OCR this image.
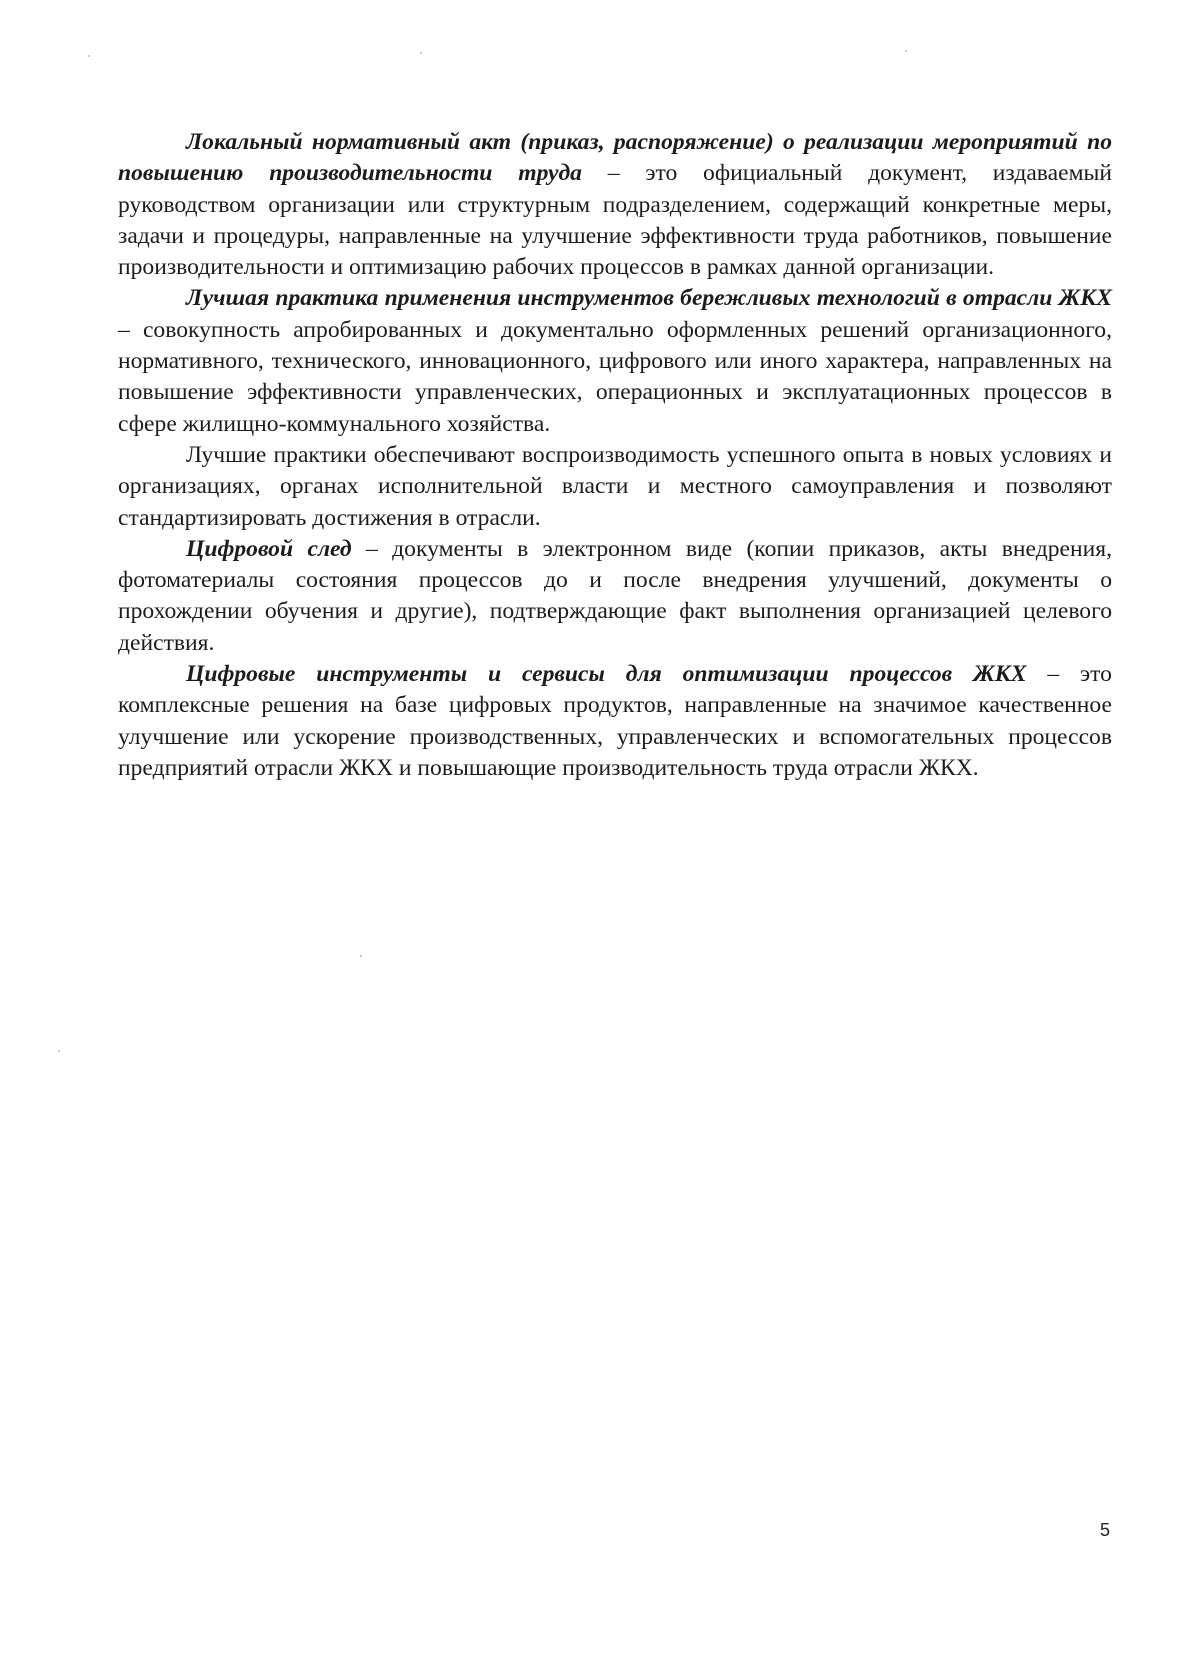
Локальный нормативный акт (приказ, распоряжение) о реализации мероприятий по повышению производительности труда – это официальный документ, издаваемый руководством организации или структурным подразделением, содержащий конкретные меры, задачи и процедуры, направленные на улучшение эффективности труда работников, повышение производительности и оптимизацию рабочих процессов в рамках данной организации.

Лучшая практика применения инструментов бережливых технологий в отрасли ЖКХ – совокупность апробированных и документально оформленных решений организационного, нормативного, технического, инновационного, цифрового или иного характера, направленных на повышение эффективности управленческих, операционных и эксплуатационных процессов в сфере жилищно-коммунального хозяйства.

Лучшие практики обеспечивают воспроизводимость успешного опыта в новых условиях и организациях, органах исполнительной власти и местного самоуправления и позволяют стандартизировать достижения в отрасли.

Цифровой след – документы в электронном виде (копии приказов, акты внедрения, фотоматериалы состояния процессов до и после внедрения улучшений, документы о прохождении обучения и другие), подтверждающие факт выполнения организацией целевого действия.

Цифровые инструменты и сервисы для оптимизации процессов ЖКХ – это комплексные решения на базе цифровых продуктов, направленные на значимое качественное улучшение или ускорение производственных, управленческих и вспомогательных процессов предприятий отрасли ЖКХ и повышающие производительность труда отрасли ЖКХ.

5
